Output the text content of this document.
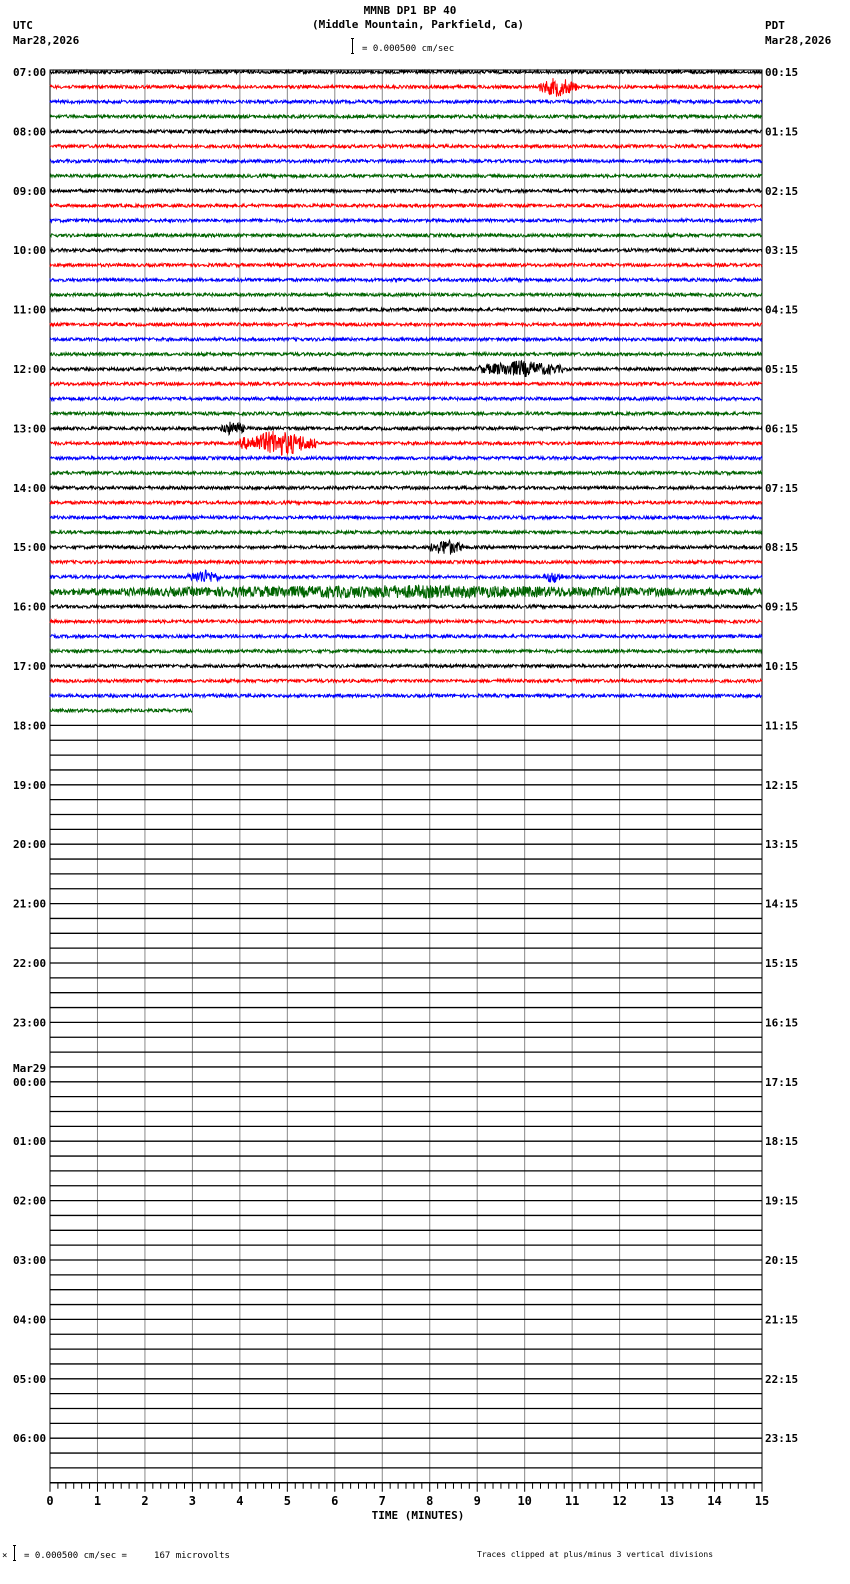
MMNB DP1 BP 40
(Middle Mountain, Parkfield, Ca)
UTC
Mar28,2026
PDT
Mar28,2026
= 0.000500 cm/sec
07:00
08:00
09:00
10:00
11:00
12:00
13:00
14:00
15:00
16:00
17:00
18:00
19:00
20:00
21:00
22:00
23:00
00:00
01:00
02:00
03:00
04:00
05:00
06:00
00:15
01:15
02:15
03:15
04:15
05:15
06:15
07:15
08:15
09:15
10:15
11:15
12:15
13:15
14:15
15:15
16:15
17:15
18:15
19:15
20:15
21:15
22:15
23:15
Mar29
0	1	2	3	4	5	6	7	8	9	10	11	12	13	14	15
TIME (MINUTES)
× = 0.000500 cm/sec =     167 microvolts	Traces clipped at plus/minus 3 vertical divisions
